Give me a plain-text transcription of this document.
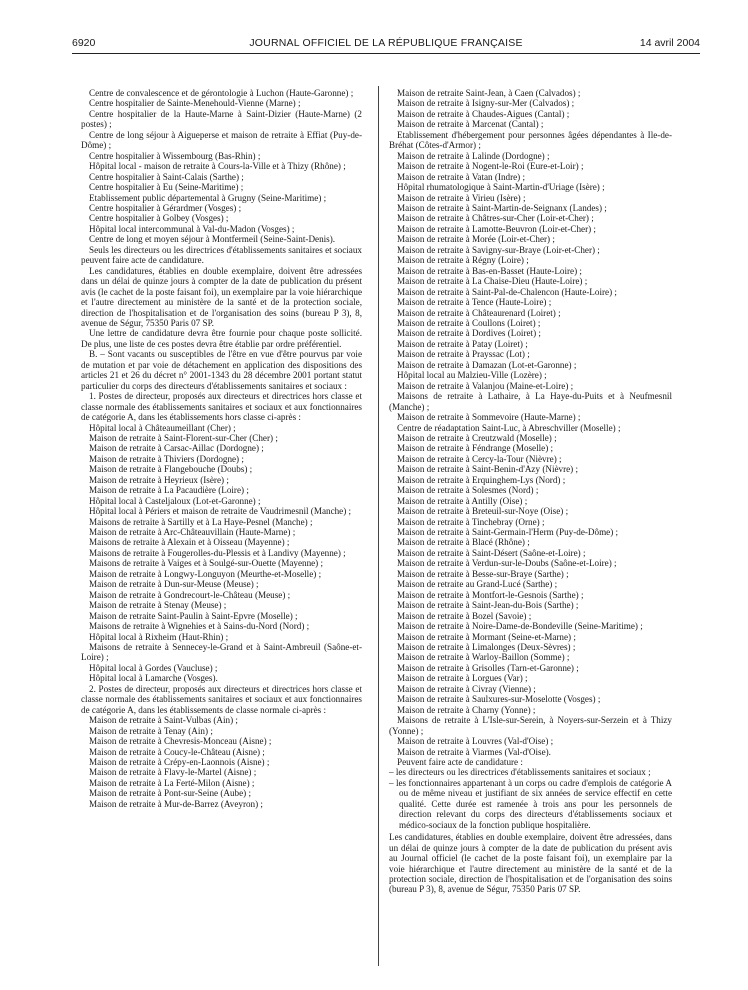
6920	JOURNAL OFFICIEL DE LA RÉPUBLIQUE FRANÇAISE	14 avril 2004

Centre de convalescence et de gérontologie à Luchon (Haute-Garonne) ;

Centre hospitalier de Sainte-Menehould-Vienne (Marne) ;

Centre hospitalier de la Haute-Marne à Saint-Dizier (Haute-Marne) (2 postes) ;

Centre de long séjour à Aigueperse et maison de retraite à Effiat (Puy-de-Dôme) ;

Centre hospitalier à Wissembourg (Bas-Rhin) ;

Hôpital local - maison de retraite à Cours-la-Ville et à Thizy (Rhône) ;

Centre hospitalier à Saint-Calais (Sarthe) ;

Centre hospitalier à Eu (Seine-Maritime) ;

Etablissement public départemental à Grugny (Seine-Maritime) ;

Centre hospitalier à Gérardmer (Vosges) ;

Centre hospitalier à Golbey (Vosges) ;

Hôpital local intercommunal à Val-du-Madon (Vosges) ;

Centre de long et moyen séjour à Montfermeil (Seine-Saint-Denis).

Seuls les directeurs ou les directrices d'établissements sanitaires et sociaux peuvent faire acte de candidature.

Les candidatures, établies en double exemplaire, doivent être adressées dans un délai de quinze jours à compter de la date de publication du présent avis (le cachet de la poste faisant foi), un exemplaire par la voie hiérarchique et l'autre directement au ministère de la santé et de la protection sociale, direction de l'hospitalisation et de l'organisation des soins (bureau P 3), 8, avenue de Ségur, 75350 Paris 07 SP.

Une lettre de candidature devra être fournie pour chaque poste sollicité. De plus, une liste de ces postes devra être établie par ordre préférentiel.

B. – Sont vacants ou susceptibles de l'être en vue d'être pourvus par voie de mutation et par voie de détachement en application des dispositions des articles 21 et 26 du décret n° 2001-1343 du 28 décembre 2001 portant statut particulier du corps des directeurs d'établissements sanitaires et sociaux :

1. Postes de directeur, proposés aux directeurs et directrices hors classe et classe normale des établissements sanitaires et sociaux et aux fonctionnaires de catégorie A, dans les établissements hors classe ci-après :

Hôpital local à Châteaumeillant (Cher) ;

Maison de retraite à Saint-Florent-sur-Cher (Cher) ;

Maison de retraite à Carsac-Aillac (Dordogne) ;

Maison de retraite à Thiviers (Dordogne) ;

Maison de retraite à Flangebouche (Doubs) ;

Maison de retraite à Heyrieux (Isère) ;

Maison de retraite à La Pacaudière (Loire) ;

Hôpital local à Casteljaloux (Lot-et-Garonne) ;

Hôpital local à Périers et maison de retraite de Vaudrimesnil (Manche) ;

Maisons de retraite à Sartilly et à La Haye-Pesnel (Manche) ;

Maison de retraite à Arc-Châteauvillain (Haute-Marne) ;

Maisons de retraite à Alexain et à Oisseau (Mayenne) ;

Maisons de retraite à Fougerolles-du-Plessis et à Landivy (Mayenne) ;

Maisons de retraite à Vaiges et à Soulgé-sur-Ouette (Mayenne) ;

Maison de retraite à Longwy-Longuyon (Meurthe-et-Moselle) ;

Maison de retraite à Dun-sur-Meuse (Meuse) ;

Maison de retraite à Gondrecourt-le-Château (Meuse) ;

Maison de retraite à Stenay (Meuse) ;

Maison de retraite Saint-Paulin à Saint-Epvre (Moselle) ;

Maisons de retraite à Wignehies et à Sains-du-Nord (Nord) ;

Hôpital local à Rixheim (Haut-Rhin) ;

Maisons de retraite à Sennecey-le-Grand et à Saint-Ambreuil (Saône-et-Loire) ;

Hôpital local à Gordes (Vaucluse) ;

Hôpital local à Lamarche (Vosges).

2. Postes de directeur, proposés aux directeurs et directrices hors classe et classe normale des établissements sanitaires et sociaux et aux fonctionnaires de catégorie A, dans les établissements de classe normale ci-après :

Maison de retraite à Saint-Vulbas (Ain) ;

Maison de retraite à Tenay (Ain) ;

Maison de retraite à Chevresis-Monceau (Aisne) ;

Maison de retraite à Coucy-le-Château (Aisne) ;

Maison de retraite à Crépy-en-Laonnois (Aisne) ;

Maison de retraite à Flavy-le-Martel (Aisne) ;

Maison de retraite à La Ferté-Milon (Aisne) ;

Maison de retraite à Pont-sur-Seine (Aube) ;

Maison de retraite à Mur-de-Barrez (Aveyron) ;

Maison de retraite Saint-Jean, à Caen (Calvados) ;

Maison de retraite à Isigny-sur-Mer (Calvados) ;

Maison de retraite à Chaudes-Aigues (Cantal) ;

Maison de retraite à Marcenat (Cantal) ;

Etablissement d'hébergement pour personnes âgées dépendantes à Ile-de-Bréhat (Côtes-d'Armor) ;

Maison de retraite à Lalinde (Dordogne) ;

Maison de retraite à Nogent-le-Roi (Eure-et-Loir) ;

Maison de retraite à Vatan (Indre) ;

Hôpital rhumatologique à Saint-Martin-d'Uriage (Isère) ;

Maison de retraite à Virieu (Isère) ;

Maison de retraite à Saint-Martin-de-Seignanx (Landes) ;

Maison de retraite à Châtres-sur-Cher (Loir-et-Cher) ;

Maison de retraite à Lamotte-Beuvron (Loir-et-Cher) ;

Maison de retraite à Morée (Loir-et-Cher) ;

Maison de retraite à Savigny-sur-Braye (Loir-et-Cher) ;

Maison de retraite à Régny (Loire) ;

Maison de retraite à Bas-en-Basset (Haute-Loire) ;

Maison de retraite à La Chaise-Dieu (Haute-Loire) ;

Maison de retraite à Saint-Pal-de-Chalencon (Haute-Loire) ;

Maison de retraite à Tence (Haute-Loire) ;

Maison de retraite à Châteaurenard (Loiret) ;

Maison de retraite à Coullons (Loiret) ;

Maison de retraite à Dordives (Loiret) ;

Maison de retraite à Patay (Loiret) ;

Maison de retraite à Prayssac (Lot) ;

Maison de retraite à Damazan (Lot-et-Garonne) ;

Hôpital local au Malzieu-Ville (Lozère) ;

Maison de retraite à Valanjou (Maine-et-Loire) ;

Maisons de retraite à Lathaire, à La Haye-du-Puits et à Neufmesnil (Manche) ;

Maison de retraite à Sommevoire (Haute-Marne) ;

Centre de réadaptation Saint-Luc, à Abreschviller (Moselle) ;

Maison de retraite à Creutzwald (Moselle) ;

Maison de retraite à Féndrange (Moselle) ;

Maison de retraite à Cercy-la-Tour (Nièvre) ;

Maison de retraite à Saint-Benin-d'Azy (Nièvre) ;

Maison de retraite à Erquinghem-Lys (Nord) ;

Maison de retraite à Solesmes (Nord) ;

Maison de retraite à Antilly (Oise) ;

Maison de retraite à Breteuil-sur-Noye (Oise) ;

Maison de retraite à Tinchebray (Orne) ;

Maison de retraite à Saint-Germain-l'Herm (Puy-de-Dôme) ;

Maison de retraite à Blacé (Rhône) ;

Maison de retraite à Saint-Désert (Saône-et-Loire) ;

Maison de retraite à Verdun-sur-le-Doubs (Saône-et-Loire) ;

Maison de retraite à Besse-sur-Braye (Sarthe) ;

Maison de retraite au Grand-Lucé (Sarthe) ;

Maison de retraite à Montfort-le-Gesnois (Sarthe) ;

Maison de retraite à Saint-Jean-du-Bois (Sarthe) ;

Maison de retraite à Bozel (Savoie) ;

Maison de retraite à Noire-Dame-de-Bondeville (Seine-Maritime) ;

Maison de retraite à Mormant (Seine-et-Marne) ;

Maison de retraite à Limalonges (Deux-Sèvres) ;

Maison de retraite à Warloy-Baillon (Somme) ;

Maison de retraite à Grisolles (Tarn-et-Garonne) ;

Maison de retraite à Lorgues (Var) ;

Maison de retraite à Civray (Vienne) ;

Maison de retraite à Saulxures-sur-Moselotte (Vosges) ;

Maison de retraite à Charny (Yonne) ;

Maisons de retraite à L'Isle-sur-Serein, à Noyers-sur-Serzein et à Thizy (Yonne) ;

Maison de retraite à Louvres (Val-d'Oise) ;

Maison de retraite à Viarmes (Val-d'Oise).

Peuvent faire acte de candidature :

– les directeurs ou les directrices d'établissements sanitaires et sociaux ;
– les fonctionnaires appartenant à un corps ou cadre d'emplois de catégorie A ou de même niveau et justifiant de six années de service effectif en cette qualité. Cette durée est ramenée à trois ans pour les personnels de direction relevant du corps des directeurs d'établissements sociaux et médico-sociaux de la fonction publique hospitalière.

Les candidatures, établies en double exemplaire, doivent être adressées, dans un délai de quinze jours à compter de la date de publication du présent avis au Journal officiel (le cachet de la poste faisant foi), un exemplaire par la voie hiérarchique et l'autre directement au ministère de la santé et de la protection sociale, direction de l'hospitalisation et de l'organisation des soins (bureau P 3), 8, avenue de Ségur, 75350 Paris 07 SP.
